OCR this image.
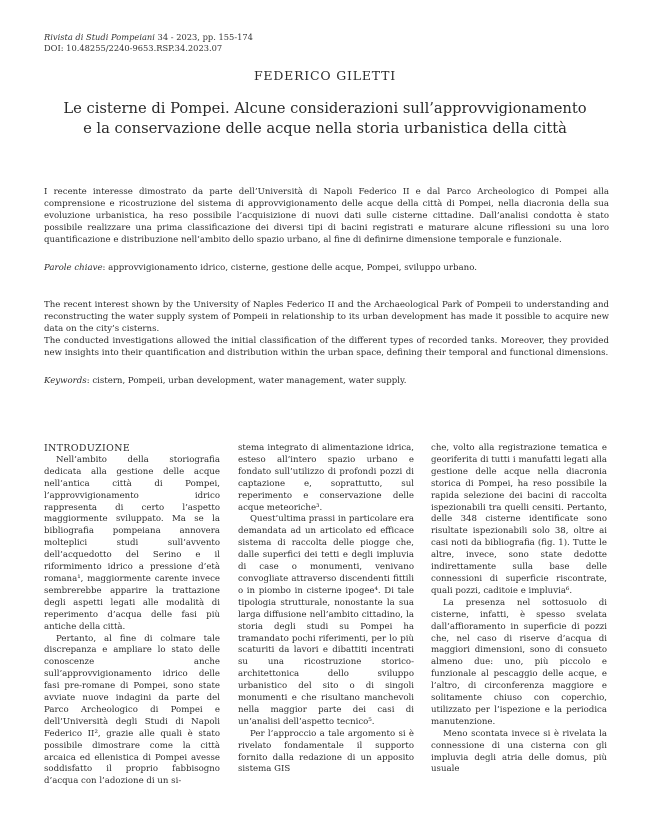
Rivista di Studi Pompeiani 34 - 2023, pp. 155-174
DOI: 10.48255/2240-9653.RSP.34.2023.07
FEDERICO GILETTI
Le cisterne di Pompei. Alcune considerazioni sull’approvvigionamento
e la conservazione delle acque nella storia urbanistica della città

I recente interesse dimostrato da parte dell’Università di Napoli Federico II e dal Parco Archeologico di Pompei alla comprensione e ricostruzione del sistema di approvvigionamento delle acque della città di Pompei, nella diacronia della sua evoluzione urbanistica, ha reso possibile l’acquisizione di nuovi dati sulle cisterne cittadine. Dall’analisi condotta è stato possibile realizzare una prima classificazione dei diversi tipi di bacini registrati e maturare alcune riflessioni su una loro quantificazione e distribuzione nell’ambito dello spazio urbano, al fine di definirne dimensione temporale e funzionale.

Parole chiave: approvvigionamento idrico, cisterne, gestione delle acque, Pompei, sviluppo urbano.

The recent interest shown by the University of Naples Federico II and the Archaeological Park of Pompeii to understanding and reconstructing the water supply system of Pompeii in relationship to its urban development has made it possible to acquire new data on the city’s cisterns.

The conducted investigations allowed the initial classification of the different types of recorded tanks. Moreover, they provided new insights into their quantification and distribution within the urban space, defining their temporal and functional dimensions.

Keywords: cistern, Pompeii, urban development, water management, water supply.

INTRODUZIONE

Nell’ambito della storiografia dedicata alla gestione delle acque nell’antica città di Pompei, l’approvvigionamento idrico rappresenta di certo l’aspetto maggiormente sviluppato. Ma se la bibliografia pompeiana annovera molteplici studi sull’avvento dell’acquedotto del Serino e il riformimento idrico a pressione d’età romana¹, maggiormente carente invece sembrerebbe apparire la trattazione degli aspetti legati alle modalità di reperimento d’acqua delle fasi più antiche della città.

Pertanto, al fine di colmare tale discrepanza e ampliare lo stato delle conoscenze anche sull’approvvigionamento idrico delle fasi pre-romane di Pompei, sono state avviate nuove indagini da parte del Parco Archeologico di Pompei e dell’Università degli Studi di Napoli Federico II², grazie alle quali è stato possibile dimostrare come la città arcaica ed ellenistica di Pompei avesse soddisfatto il proprio fabbisogno d’acqua con l’adozione di un si-

stema integrato di alimentazione idrica, esteso all’intero spazio urbano e fondato sull’utilizzo di profondi pozzi di captazione e, soprattutto, sul reperimento e conservazione delle acque meteoriche³.

Quest’ultima prassi in particolare era demandata ad un articolato ed efficace sistema di raccolta delle piogge che, dalle superfici dei tetti e degli impluvia di case o monumenti, venivano convogliate attraverso discendenti fittili o in piombo in cisterne ipogee⁴. Di tale tipologia strutturale, nonostante la sua larga diffusione nell’ambito cittadino, la storia degli studi su Pompei ha tramandato pochi riferimenti, per lo più scaturiti da lavori e dibattiti incentrati su una ricostruzione storico-architettonica dello sviluppo urbanistico del sito o di singoli monumenti e che risultano manchevoli nella maggior parte dei casi di un’analisi dell’aspetto tecnico⁵.

Per l’approccio a tale argomento si è rivelato fondamentale il supporto fornito dalla redazione di un apposito sistema GIS

che, volto alla registrazione tematica e georiferita di tutti i manufatti legati alla gestione delle acque nella diacronia storica di Pompei, ha reso possibile la rapida selezione dei bacini di raccolta ispezionabili tra quelli censiti. Pertanto, delle 348 cisterne identificate sono risultate ispezionabili solo 38, oltre ai casi noti da bibliografia (fig. 1). Tutte le altre, invece, sono state dedotte indirettamente sulla base delle connessioni di superficie riscontrate, quali pozzi, caditoie e impluvia⁶.

La presenza nel sottosuolo di cisterne, infatti, è spesso svelata dall’affioramento in superficie di pozzi che, nel caso di riserve d’acqua di maggiori dimensioni, sono di consueto almeno due: uno, più piccolo e funzionale al pescaggio delle acque, e l’altro, di circonferenza maggiore e solitamente chiuso con coperchio, utilizzato per l’ispezione e la periodica manutenzione.

Meno scontata invece si è rivelata la connessione di una cisterna con gli impluvia degli atria delle domus, più usuale
